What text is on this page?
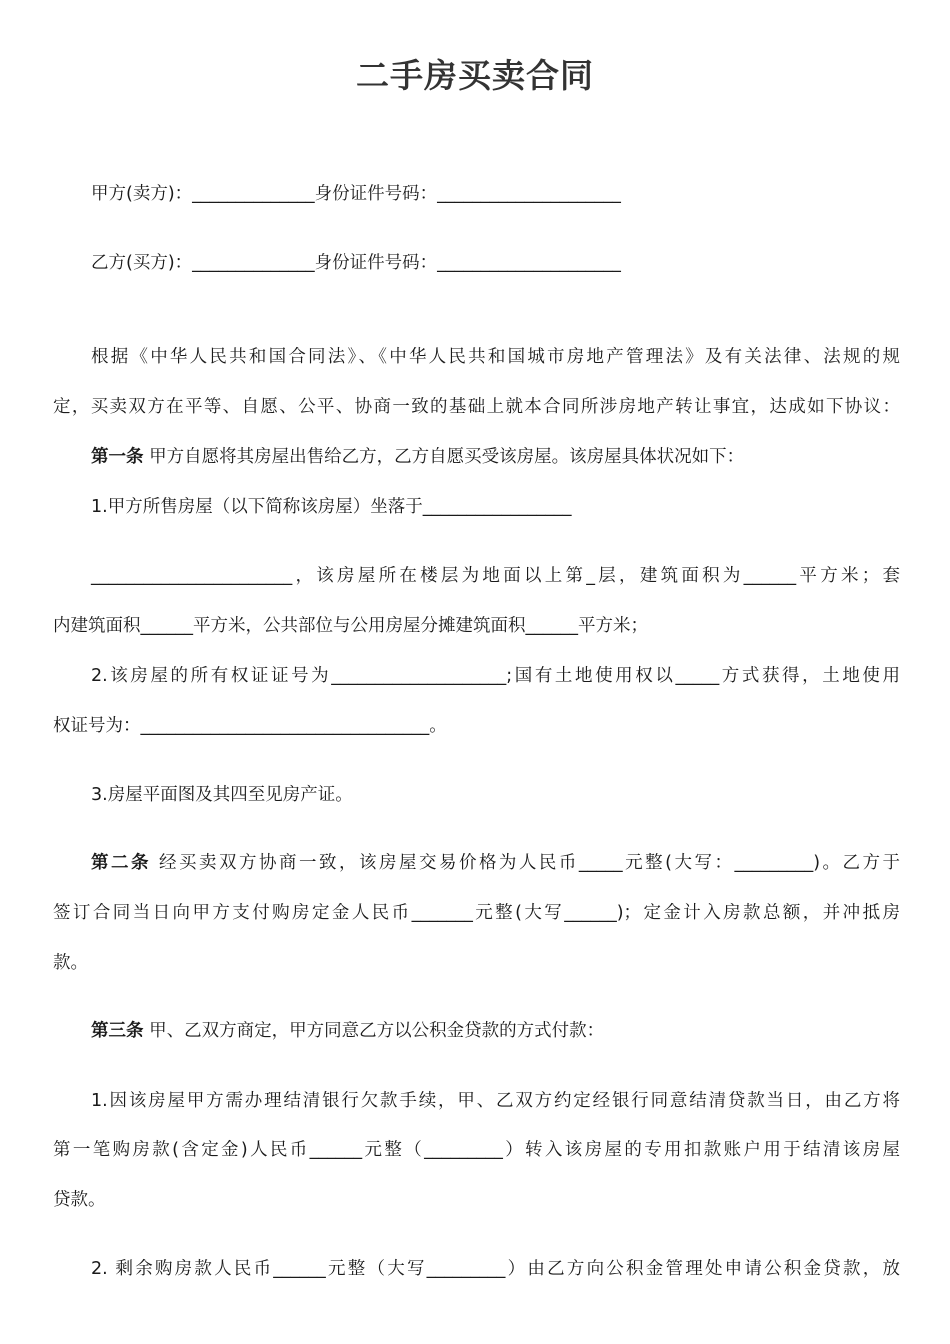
二手房买卖合同
甲方(卖方)：______________身份证件号码：_____________________
乙方(买方)：______________身份证件号码：_____________________
根据《中华人民共和国合同法》、《中华人民共和国城市房地产管理法》及有关法律、法规的规
定，买卖双方在平等、自愿、公平、协商一致的基础上就本合同所涉房地产转让事宜，达成如下协议：
第一条 甲方自愿将其房屋出售给乙方，乙方自愿买受该房屋。该房屋具体状况如下：
1.甲方所售房屋（以下简称该房屋）坐落于_________________
_______________________，该房屋所在楼层为地面以上第_层，建筑面积为______平方米；套
内建筑面积______平方米，公共部位与公用房屋分摊建筑面积______平方米；
2.该房屋的所有权证证号为____________________;国有土地使用权以_____方式获得，土地使用
权证号为：_________________________________。
3.房屋平面图及其四至见房产证。
第二条 经买卖双方协商一致，该房屋交易价格为人民币_____元整(大写：_________)。乙方于
签订合同当日向甲方支付购房定金人民币_______元整(大写______)；定金计入房款总额，并冲抵房
款。
第三条 甲、乙双方商定，甲方同意乙方以公积金贷款的方式付款：
1.因该房屋甲方需办理结清银行欠款手续，甲、乙双方约定经银行同意结清贷款当日，由乙方将
第一笔购房款(含定金)人民币______元整（_________）转入该房屋的专用扣款账户用于结清该房屋
贷款。
2. 剩余购房款人民币______元整（大写_________）由乙方向公积金管理处申请公积金贷款，放
